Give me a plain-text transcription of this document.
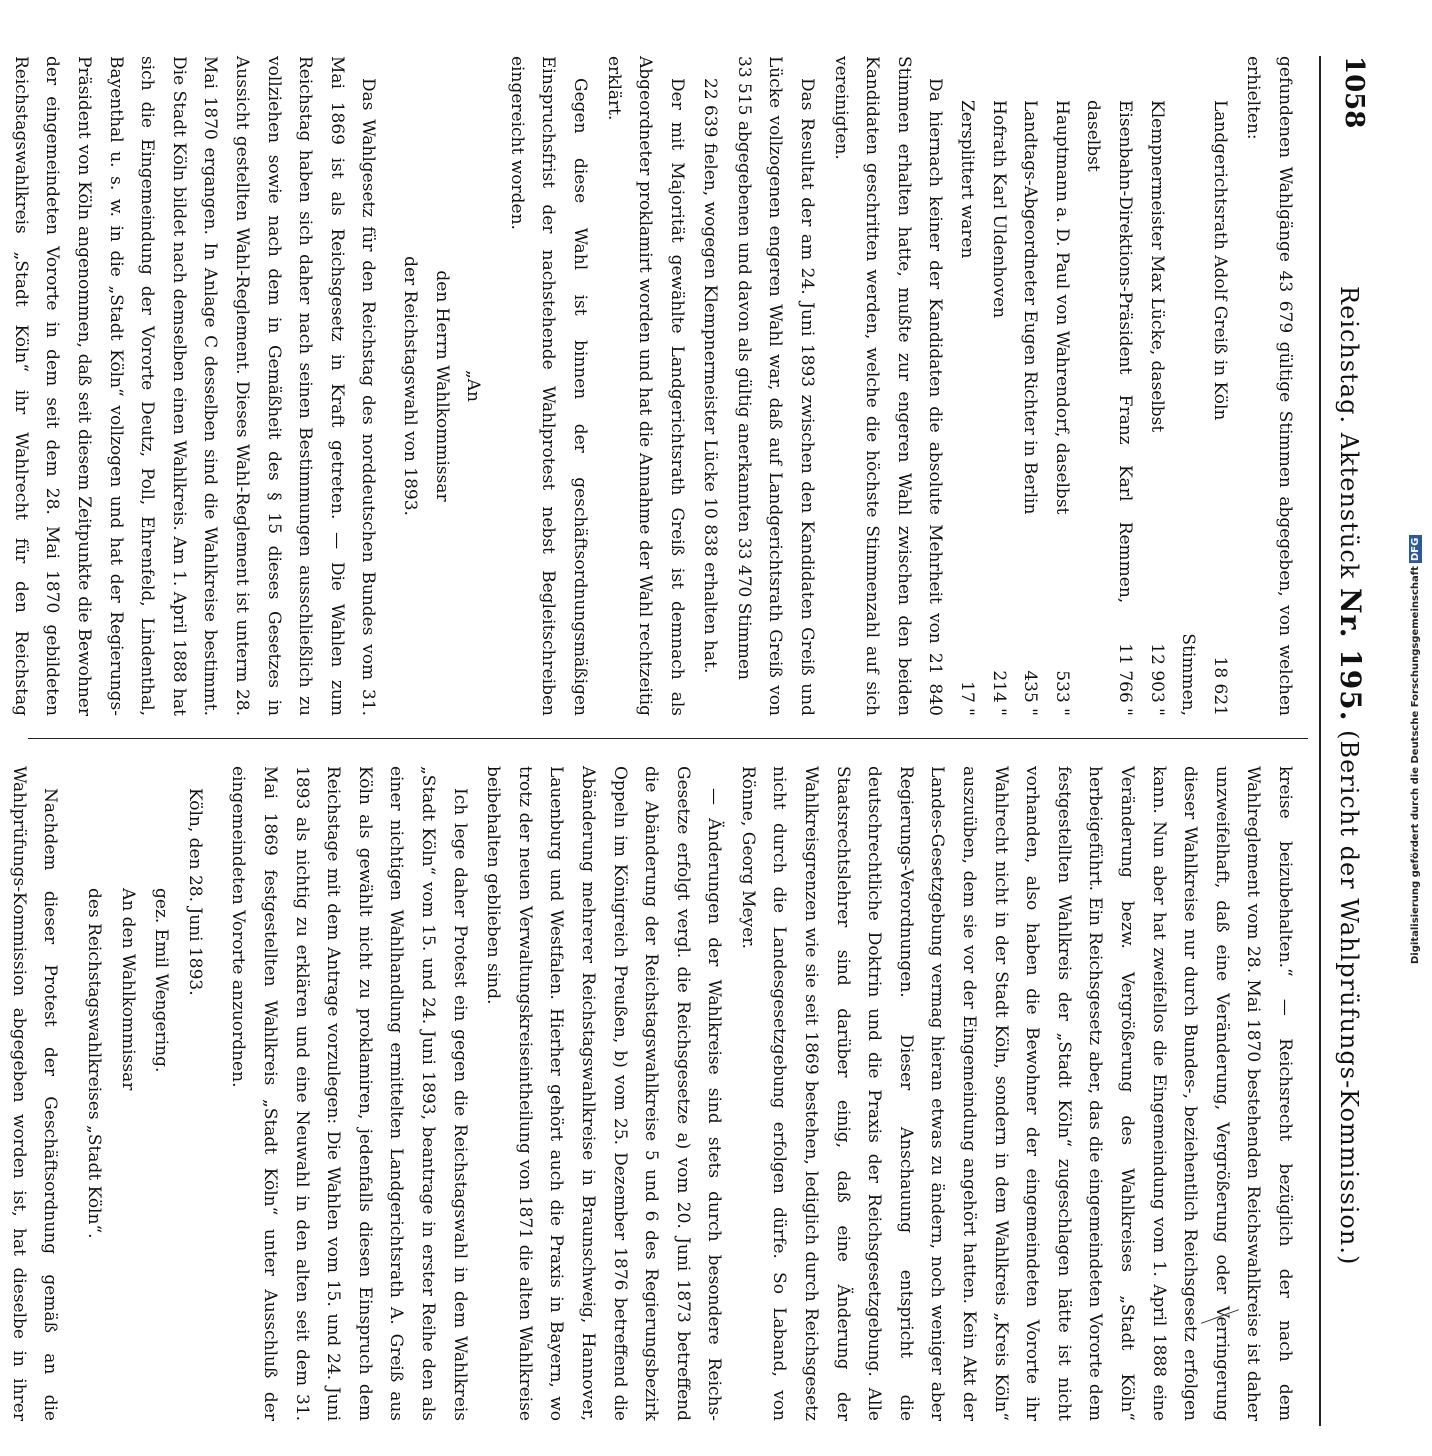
1058
Reichstag. Aktenstück Nr. 195. (Bericht der Wahlprüfungs-Kommission.)

gefundenen Wahlgänge 43 679 gültige Stimmen abgegeben, von welchen erhielten:

Landgerichtsrath Adolf Greiß in Köln
18 621 Stimmen,
Klempnermeister Max Lücke, daselbst
12 903 "
Eisenbahn-Direktions-Präsident Franz Karl Remmen, daselbst
11 766 "
Hauptmann a. D. Paul von Wahrendorf, daselbst
533 "
Landtags-Abgeordneter Eugen Richter in Berlin
435 "
Hofrath Karl Uldenhoven
214 "
Zersplittert waren
17 "

Da hiernach keiner der Kandidaten die absolute Mehrheit von 21 840 Stimmen erhalten hatte, mußte zur engeren Wahl zwischen den beiden Kandidaten geschritten werden, welche die höchste Stimmenzahl auf sich vereinigten.

Das Resultat der am 24. Juni 1893 zwischen den Kandidaten Greiß und Lücke vollzogenen engeren Wahl war, daß auf Landgerichtsrath Greiß von 33 515 abgegebenen und davon als gültig anerkannten 33 470 Stimmen

22 639 fielen, wogegen Klempnermeister Lücke 10 838 erhalten hat.

Der mit Majorität gewählte Landgerichtsrath Greiß ist demnach als Abgeordneter proklamirt worden und hat die Annahme der Wahl rechtzeitig erklärt.

Gegen diese Wahl ist binnen der geschäftsordnungsmäßigen Einspruchsfrist der nachstehende Wahlprotest nebst Begleitschreiben eingereicht worden.

„An

den Herrn Wahlkommissar

der Reichstagswahl von 1893.

Das Wahlgesetz für den Reichstag des norddeutschen Bundes vom 31. Mai 1869 ist als Reichsgesetz in Kraft getreten. — Die Wahlen zum Reichstag haben sich daher nach seinen Bestimmungen ausschließlich zu vollziehen sowie nach dem in Gemäßheit des § 15 dieses Gesetzes in Aussicht gestellten Wahl-Reglement. Dieses Wahl-Reglement ist unterm 28. Mai 1870 ergangen. In Anlage C desselben sind die Wahlkreise bestimmt. Die Stadt Köln bildet nach demselben einen Wahlkreis. Am 1. April 1888 hat sich die Eingemeindung der Vororte Deutz, Poll, Ehrenfeld, Lindenthal, Bayenthal u. s. w. in die „Stadt Köln“ vollzogen und hat der Regierungs-Präsident von Köln angenommen, daß seit diesem Zeitpunkte die Bewohner der eingemeindeten Vororte in dem seit dem 28. Mai 1870 gebildeten Reichstagswahlkreis „Stadt Köln“ ihr Wahlrecht für den Reichstag

kreise beizubehalten.“ — Reichsrecht bezüglich der nach dem Wahlreglement vom 28. Mai 1870 bestehenden Reichswahlkreise ist daher unzweifelhaft, daß eine Veränderung, Vergrößerung oder Verringerung dieser Wahlkreise nur durch Bundes-, beziehentlich Reichsgesetz erfolgen kann. Nun aber hat zweifellos die Eingemeindung vom 1. April 1888 eine Veränderung bezw. Vergrößerung des Wahlkreises „Stadt Köln“ herbeigeführt. Ein Reichsgesetz aber, das die eingemeindeten Vororte dem festgestellten Wahlkreis der „Stadt Köln“ zugeschlagen hätte ist nicht vorhanden, also haben die Bewohner der eingemeindeten Vororte ihr Wahlrecht nicht in der Stadt Köln, sondern in dem Wahlkreis „Kreis Köln“ auszuüben, dem sie vor der Eingemeindung angehört hatten. Kein Akt der Landes-Gesetzgebung vermag hieran etwas zu ändern, noch weniger aber Regierungs-Verordnungen. Dieser Anschauung entspricht die deutschrechtliche Doktrin und die Praxis der Reichsgesetzgebung. Alle Staatsrechtslehrer sind darüber einig, daß eine Änderung der Wahlkreisgrenzen wie sie seit 1869 bestehen, lediglich durch Reichsgesetz nicht durch die Landesgesetzgebung erfolgen dürfe. So Laband, von Rönne, Georg Meyer.

— Änderungen der Wahlkreise sind stets durch besondere Reichs-Gesetze erfolgt vergl. die Reichsgesetze a) vom 20. Juni 1873 betreffend die Abänderung der Reichstagswahlkreise 5 und 6 des Regierungsbezirk Oppeln im Königreich Preußen, b) vom 25. Dezember 1876 betreffend die Abänderung mehrerer Reichstagswahlkreise in Braunschweig, Hannover, Lauenburg und Westfalen. Hierher gehört auch die Praxis in Bayern, wo trotz der neuen Verwaltungskreiseintheilung von 1871 die alten Wahlkreise beibehalten geblieben sind.

Ich lege daher Protest ein gegen die Reichstagswahl in dem Wahlkreis „Stadt Köln“ vom 15. und 24. Juni 1893, beantrage in erster Reihe den als einer nichtigen Wahlhandlung ermittelten Landgerichtsrath A. Greiß aus Köln als gewählt nicht zu proklamiren, jedenfalls diesen Einspruch dem Reichstage mit dem Antrage vorzulegen: Die Wahlen vom 15. und 24. Juni 1893 als nichtig zu erklären und eine Neuwahl in den alten seit dem 31. Mai 1869 festgestellten Wahlkreis „Stadt Köln“ unter Ausschluß der eingemeindeten Vororte anzuordnen.

Köln, den 28. Juni 1893.

gez. Emil Wengering.

An den Wahlkommissar

des Reichstagswahlkreises „Stadt Köln“.

Nachdem dieser Protest der Geschäftsordnung gemäß an die Wahlprüfungs-Kommission abgegeben worden ist, hat dieselbe in ihrer

Digitalisierung gefördert durch die Deutsche Forschungsgemeinschaft DFG
